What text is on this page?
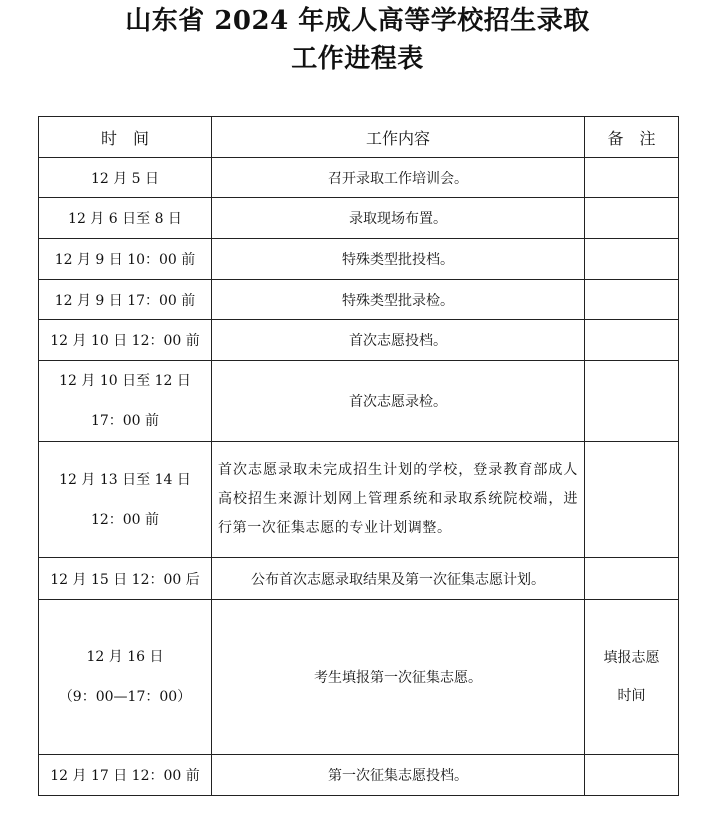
山东省 2024 年成人高等学校招生录取
工作进程表
时　间	工作内容	备　注
12 月 5 日	召开录取工作培训会。	
12 月 6 日至 8 日	录取现场布置。	
12 月 9 日 10：00 前	特殊类型批投档。	
12 月 9 日 17：00 前	特殊类型批录检。	
12 月 10 日 12：00 前	首次志愿投档。	

12 月 10 日至 12 日
17：00 前	首次志愿录检。	

12 月 13 日至 14 日
12：00 前	首次志愿录取未完成招生计划的学校，登录教育部成人高校招生来源计划网上管理系统和录取系统院校端，进行第一次征集志愿的专业计划调整。	
12 月 15 日 12：00 后	公布首次志愿录取结果及第一次征集志愿计划。	

12 月 16 日
（9：00—17：00）	考生填报第一次征集志愿。	填报志愿
时间

12 月 17 日 12：00 前	第一次征集志愿投档。	
